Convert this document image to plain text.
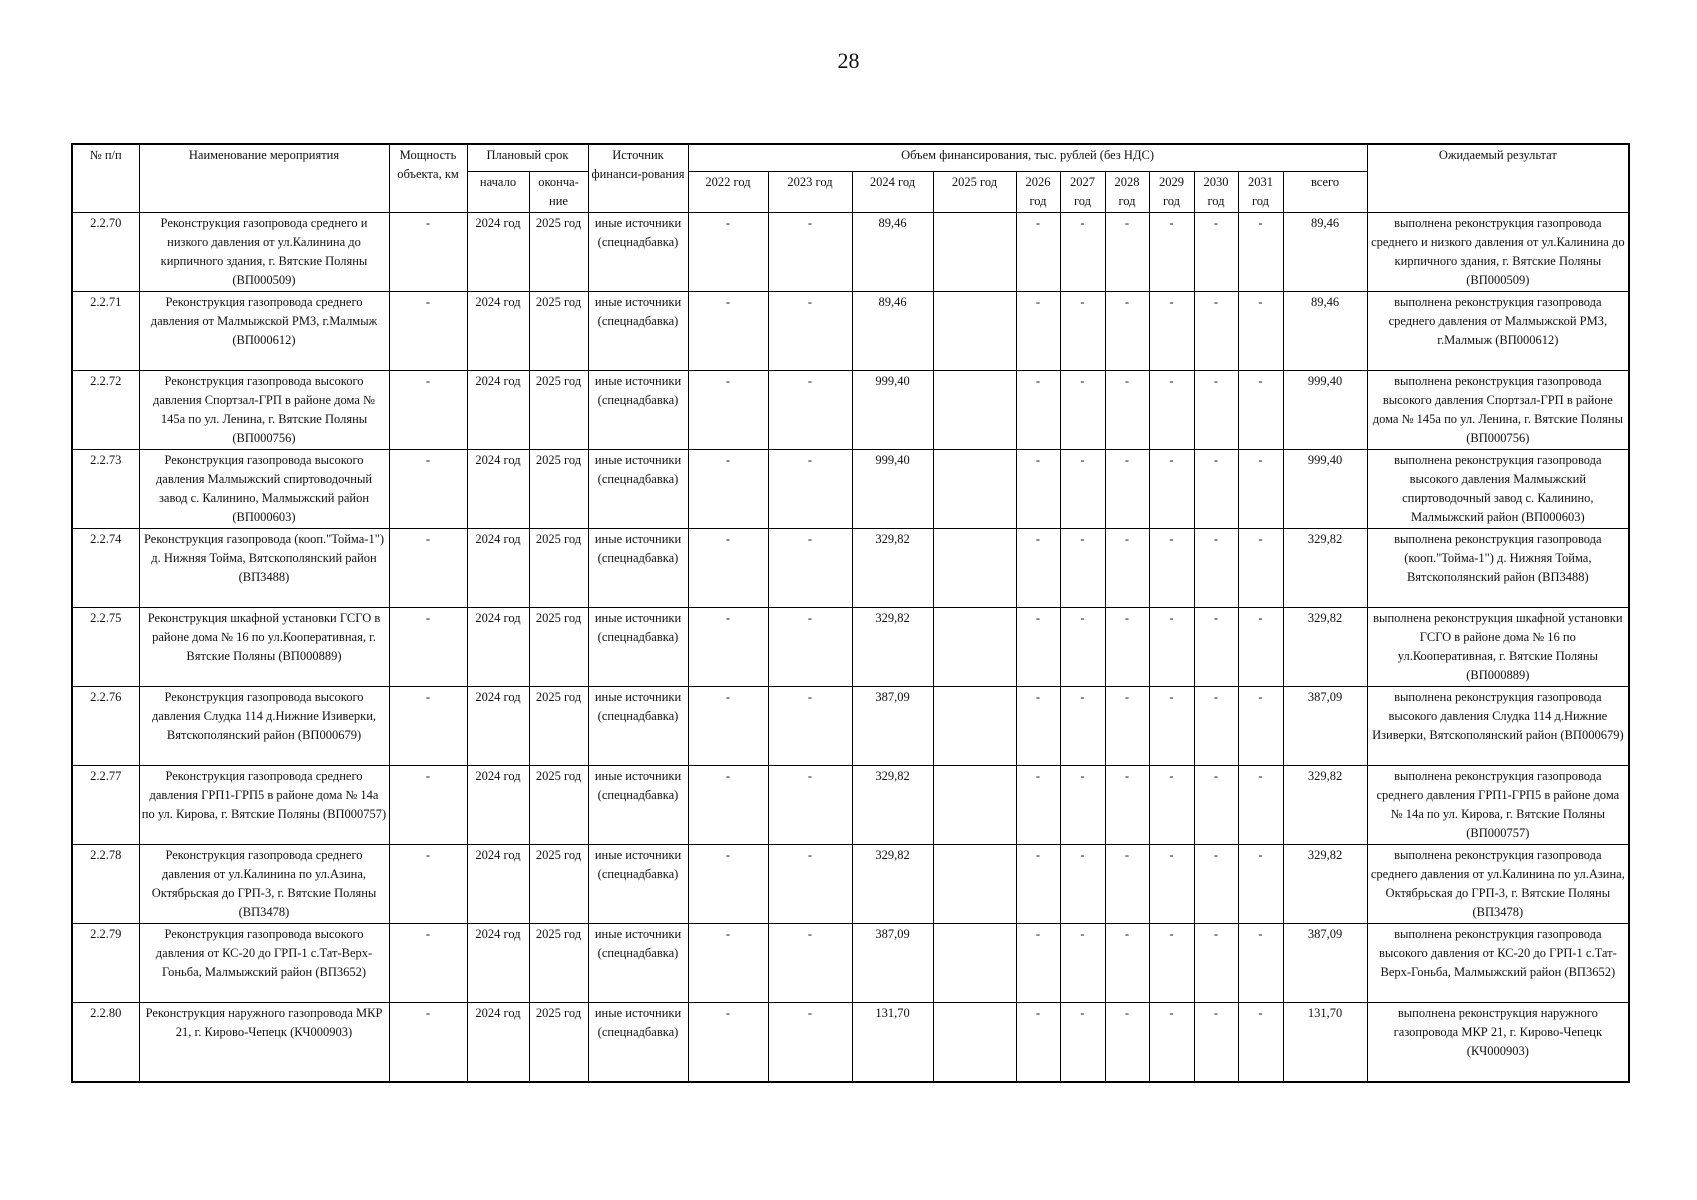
28
№ п/п	Наименование мероприятия	Мощность объекта, км	Плановый срок		Источник финанси-рования	Объем финансирования, тыс. рублей (без НДС)											Ожидаемый результат
			начало	оконча-ние		2022 год	2023 год	2024 год	2025 год	2026 год	2027 год	2028 год	2029 год	2030 год	2031 год	всего	
2.2.70	Реконструкция газопровода среднего и низкого давления от ул.Калинина до кирпичного здания, г. Вятские Поляны (ВП000509)	-	2024 год	2025 год	иные источники (спецнадбавка)	-	-	89,46		-	-	-	-	-	-	89,46	выполнена реконструкция газопровода среднего и низкого давления от ул.Калинина до кирпичного здания, г. Вятские Поляны (ВП000509)
2.2.71	Реконструкция газопровода среднего давления от Малмыжской РМЗ, г.Малмыж (ВП000612)	-	2024 год	2025 год	иные источники (спецнадбавка)	-	-	89,46		-	-	-	-	-	-	89,46	выполнена реконструкция газопровода среднего давления от Малмыжской РМЗ, г.Малмыж (ВП000612)
2.2.72	Реконструкция газопровода высокого давления Спортзал-ГРП в районе дома № 145а по ул. Ленина, г. Вятские Поляны (ВП000756)	-	2024 год	2025 год	иные источники (спецнадбавка)	-	-	999,40		-	-	-	-	-	-	999,40	выполнена реконструкция газопровода высокого давления Спортзал-ГРП в районе дома № 145а по ул. Ленина, г. Вятские Поляны (ВП000756)
2.2.73	Реконструкция газопровода высокого давления Малмыжский спиртоводочный завод с. Калинино, Малмыжский район (ВП000603)	-	2024 год	2025 год	иные источники (спецнадбавка)	-	-	999,40		-	-	-	-	-	-	999,40	выполнена реконструкция газопровода высокого давления Малмыжский спиртоводочный завод с. Калинино, Малмыжский район (ВП000603)
2.2.74	Реконструкция газопровода (кооп."Тойма-1") д. Нижняя Тойма, Вятскополянский район (ВП3488)	-	2024 год	2025 год	иные источники (спецнадбавка)	-	-	329,82		-	-	-	-	-	-	329,82	выполнена реконструкция газопровода (кооп."Тойма-1") д. Нижняя Тойма, Вятскополянский район (ВП3488)
2.2.75	Реконструкция шкафной установки ГСГО в районе дома № 16 по ул.Кооперативная, г. Вятские Поляны (ВП000889)	-	2024 год	2025 год	иные источники (спецнадбавка)	-	-	329,82		-	-	-	-	-	-	329,82	выполнена реконструкция шкафной установки ГСГО в районе дома № 16 по ул.Кооперативная, г. Вятские Поляны (ВП000889)
2.2.76	Реконструкция газопровода высокого давления Слудка 114 д.Нижние Изиверки, Вятскополянский район (ВП000679)	-	2024 год	2025 год	иные источники (спецнадбавка)	-	-	387,09		-	-	-	-	-	-	387,09	выполнена реконструкция газопровода высокого давления Слудка 114 д.Нижние Изиверки, Вятскополянский район (ВП000679)
2.2.77	Реконструкция газопровода среднего давления ГРП1-ГРП5 в районе дома № 14а по ул. Кирова, г. Вятские Поляны (ВП000757)	-	2024 год	2025 год	иные источники (спецнадбавка)	-	-	329,82		-	-	-	-	-	-	329,82	выполнена реконструкция газопровода среднего давления ГРП1-ГРП5 в районе дома № 14а по ул. Кирова, г. Вятские Поляны (ВП000757)
2.2.78	Реконструкция газопровода среднего давления от ул.Калинина по ул.Азина, Октябрьская до ГРП-3, г. Вятские Поляны (ВП3478)	-	2024 год	2025 год	иные источники (спецнадбавка)	-	-	329,82		-	-	-	-	-	-	329,82	выполнена реконструкция газопровода среднего давления от ул.Калинина по ул.Азина, Октябрьская до ГРП-3, г. Вятские Поляны (ВП3478)
2.2.79	Реконструкция газопровода высокого давления от КС-20 до ГРП-1 с.Тат-Верх-Гоньба, Малмыжский район (ВП3652)	-	2024 год	2025 год	иные источники (спецнадбавка)	-	-	387,09		-	-	-	-	-	-	387,09	выполнена реконструкция газопровода высокого давления от КС-20 до ГРП-1 с.Тат-Верх-Гоньба, Малмыжский район (ВП3652)
2.2.80	Реконструкция наружного газопровода МКР 21, г. Кирово-Чепецк (КЧ000903)	-	2024 год	2025 год	иные источники (спецнадбавка)	-	-	131,70		-	-	-	-	-	-	131,70	выполнена реконструкция наружного газопровода МКР 21, г. Кирово-Чепецк (КЧ000903)
